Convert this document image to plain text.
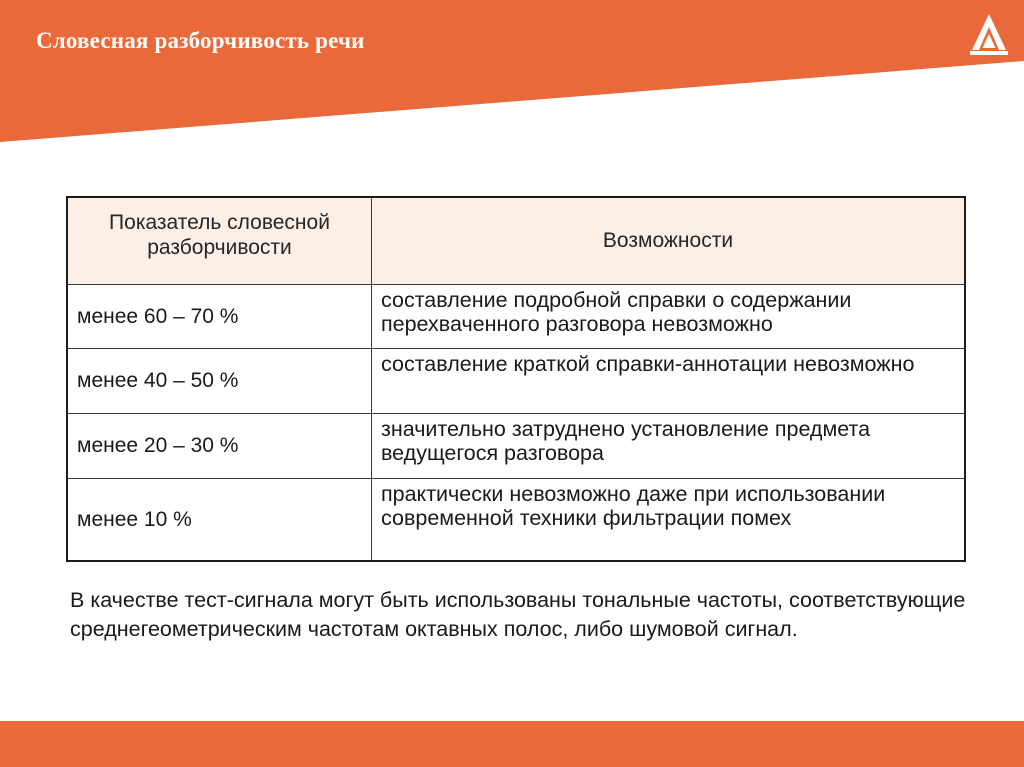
Словесная разборчивость речи
Показатель словесной разборчивости	Возможности
менее 60 – 70 %
составление подробной справки о содержании перехваченного разговора невозможно
менее 40 – 50 %
составление краткой справки-аннотации невозможно
менее 20 – 30 %
значительно затруднено установление предмета ведущегося разговора
менее 10 %
практически невозможно даже при использовании современной техники фильтрации помех

В качестве тест-сигнала могут быть использованы тональные частоты, соответствующие среднегеометрическим частотам октавных полос, либо шумовой сигнал.
